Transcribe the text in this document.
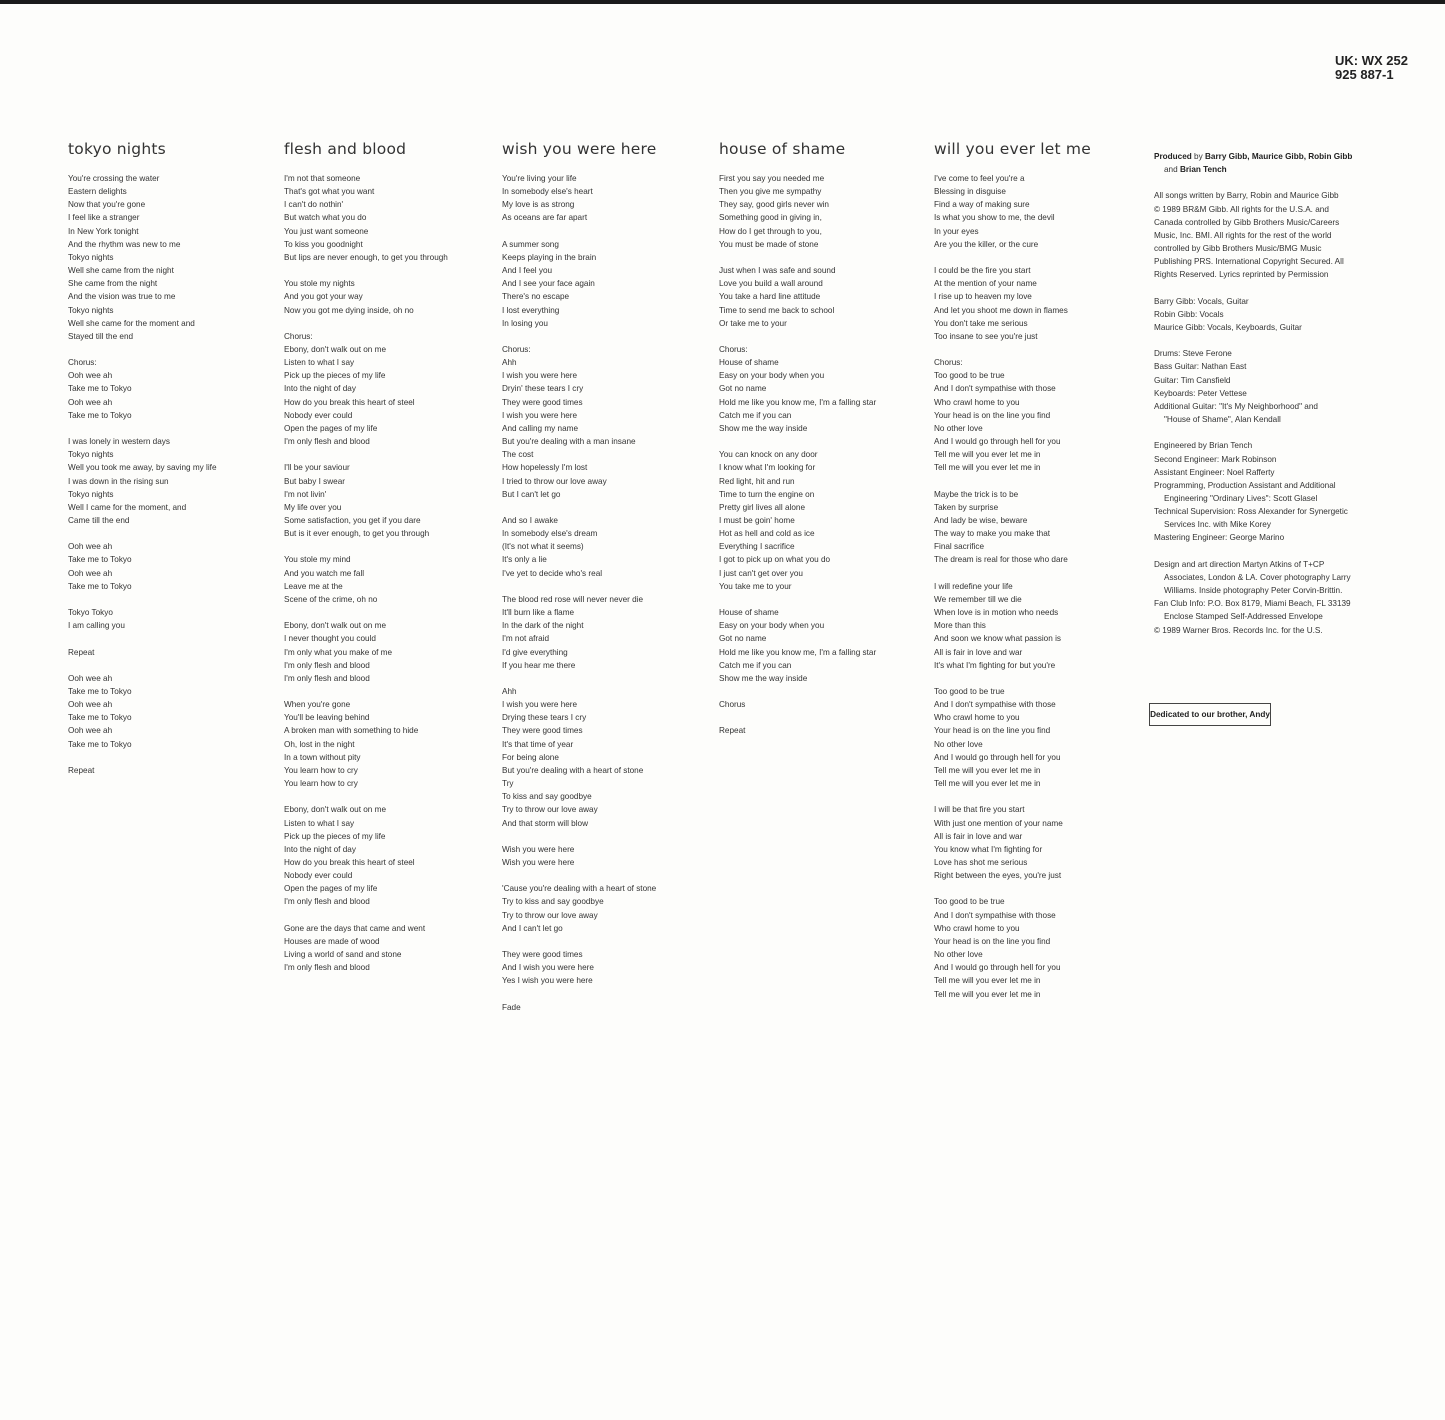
UK: WX 252
925 887-1
tokyo nights
You're crossing the water
Eastern delights
Now that you're gone
I feel like a stranger
In New York tonight
And the rhythm was new to me
Tokyo nights
Well she came from the night
She came from the night
And the vision was true to me
Tokyo nights
Well she came for the moment and
Stayed till the end
Chorus:
Ooh wee ah
Take me to Tokyo
Ooh wee ah
Take me to Tokyo
I was lonely in western days
Tokyo nights
Well you took me away, by saving my life
I was down in the rising sun
Tokyo nights
Well I came for the moment, and
Came till the end
Ooh wee ah
Take me to Tokyo
Ooh wee ah
Take me to Tokyo
Tokyo Tokyo
I am calling you
Repeat
Ooh wee ah
Take me to Tokyo
Ooh wee ah
Take me to Tokyo
Ooh wee ah
Take me to Tokyo
Repeat
flesh and blood
I'm not that someone
That's got what you want
I can't do nothin'
But watch what you do
You just want someone
To kiss you goodnight
But lips are never enough, to get you through
You stole my nights
And you got your way
Now you got me dying inside, oh no
Chorus:
Ebony, don't walk out on me
Listen to what I say
Pick up the pieces of my life
Into the night of day
How do you break this heart of steel
Nobody ever could
Open the pages of my life
I'm only flesh and blood
I'll be your saviour
But baby I swear
I'm not livin'
My life over you
Some satisfaction, you get if you dare
But is it ever enough, to get you through
You stole my mind
And you watch me fall
Leave me at the
Scene of the crime, oh no
Ebony, don't walk out on me
I never thought you could
I'm only what you make of me
I'm only flesh and blood
I'm only flesh and blood
When you're gone
You'll be leaving behind
A broken man with something to hide
Oh, lost in the night
In a town without pity
You learn how to cry
You learn how to cry
Ebony, don't walk out on me
Listen to what I say
Pick up the pieces of my life
Into the night of day
How do you break this heart of steel
Nobody ever could
Open the pages of my life
I'm only flesh and blood
Gone are the days that came and went
Houses are made of wood
Living a world of sand and stone
I'm only flesh and blood
wish you were here
You're living your life
In somebody else's heart
My love is as strong
As oceans are far apart
A summer song
Keeps playing in the brain
And I feel you
And I see your face again
There's no escape
I lost everything
In losing you
Chorus:
Ahh
I wish you were here
Dryin' these tears I cry
They were good times
I wish you were here
And calling my name
But you're dealing with a man insane
The cost
How hopelessly I'm lost
I tried to throw our love away
But I can't let go
And so I awake
In somebody else's dream
(It's not what it seems)
It's only a lie
I've yet to decide who's real
The blood red rose will never never die
It'll burn like a flame
In the dark of the night
I'm not afraid
I'd give everything
If you hear me there
Ahh
I wish you were here
Drying these tears I cry
They were good times
It's that time of year
For being alone
But you're dealing with a heart of stone
Try
To kiss and say goodbye
Try to throw our love away
And that storm will blow
Wish you were here
Wish you were here
'Cause you're dealing with a heart of stone
Try to kiss and say goodbye
Try to throw our love away
And I can't let go
They were good times
And I wish you were here
Yes I wish you were here
Fade
house of shame
First you say you needed me
Then you give me sympathy
They say, good girls never win
Something good in giving in,
How do I get through to you,
You must be made of stone
Just when I was safe and sound
Love you build a wall around
You take a hard line attitude
Time to send me back to school
Or take me to your
Chorus:
House of shame
Easy on your body when you
Got no name
Hold me like you know me, I'm a falling star
Catch me if you can
Show me the way inside
You can knock on any door
I know what I'm looking for
Red light, hit and run
Time to turn the engine on
Pretty girl lives all alone
I must be goin' home
Hot as hell and cold as ice
Everything I sacrifice
I got to pick up on what you do
I just can't get over you
You take me to your
House of shame
Easy on your body when you
Got no name
Hold me like you know me, I'm a falling star
Catch me if you can
Show me the way inside
Chorus
Repeat
will you ever let me
I've come to feel you're a
Blessing in disguise
Find a way of making sure
Is what you show to me, the devil
In your eyes
Are you the killer, or the cure
I could be the fire you start
At the mention of your name
I rise up to heaven my love
And let you shoot me down in flames
You don't take me serious
Too insane to see you're just
Chorus:
Too good to be true
And I don't sympathise with those
Who crawl home to you
Your head is on the line you find
No other love
And I would go through hell for you
Tell me will you ever let me in
Tell me will you ever let me in
Maybe the trick is to be
Taken by surprise
And lady be wise, beware
The way to make you make that
Final sacrifice
The dream is real for those who dare
I will redefine your life
We remember till we die
When love is in motion who needs
More than this
And soon we know what passion is
All is fair in love and war
It's what I'm fighting for but you're
Too good to be true
And I don't sympathise with those
Who crawl home to you
Your head is on the line you find
No other love
And I would go through hell for you
Tell me will you ever let me in
Tell me will you ever let me in
I will be that fire you start
With just one mention of your name
All is fair in love and war
You know what I'm fighting for
Love has shot me serious
Right between the eyes, you're just
Too good to be true
And I don't sympathise with those
Who crawl home to you
Your head is on the line you find
No other love
And I would go through hell for you
Tell me will you ever let me in
Tell me will you ever let me in
Produced by Barry Gibb, Maurice Gibb, Robin Gibb
and Brian Tench
All songs written by Barry, Robin and Maurice Gibb
© 1989 BR&M Gibb. All rights for the U.S.A. and
Canada controlled by Gibb Brothers Music/Careers
Music, Inc. BMI. All rights for the rest of the world
controlled by Gibb Brothers Music/BMG Music
Publishing PRS. International Copyright Secured. All
Rights Reserved. Lyrics reprinted by Permission
Barry Gibb: Vocals, Guitar
Robin Gibb: Vocals
Maurice Gibb: Vocals, Keyboards, Guitar
Drums: Steve Ferone
Bass Guitar: Nathan East
Guitar: Tim Cansfield
Keyboards: Peter Vettese
Additional Guitar: "It's My Neighborhood" and
"House of Shame", Alan Kendall
Engineered by Brian Tench
Second Engineer: Mark Robinson
Assistant Engineer: Noel Rafferty
Programming, Production Assistant and Additional
Engineering "Ordinary Lives": Scott Glasel
Technical Supervision: Ross Alexander for Synergetic
Services Inc. with Mike Korey
Mastering Engineer: George Marino
Design and art direction Martyn Atkins of T+CP
Associates, London & LA. Cover photography Larry
Williams. Inside photography Peter Corvin-Brittin.
Fan Club Info: P.O. Box 8179, Miami Beach, FL 33139
Enclose Stamped Self-Addressed Envelope
© 1989 Warner Bros. Records Inc. for the U.S.
Dedicated to our brother, Andy
